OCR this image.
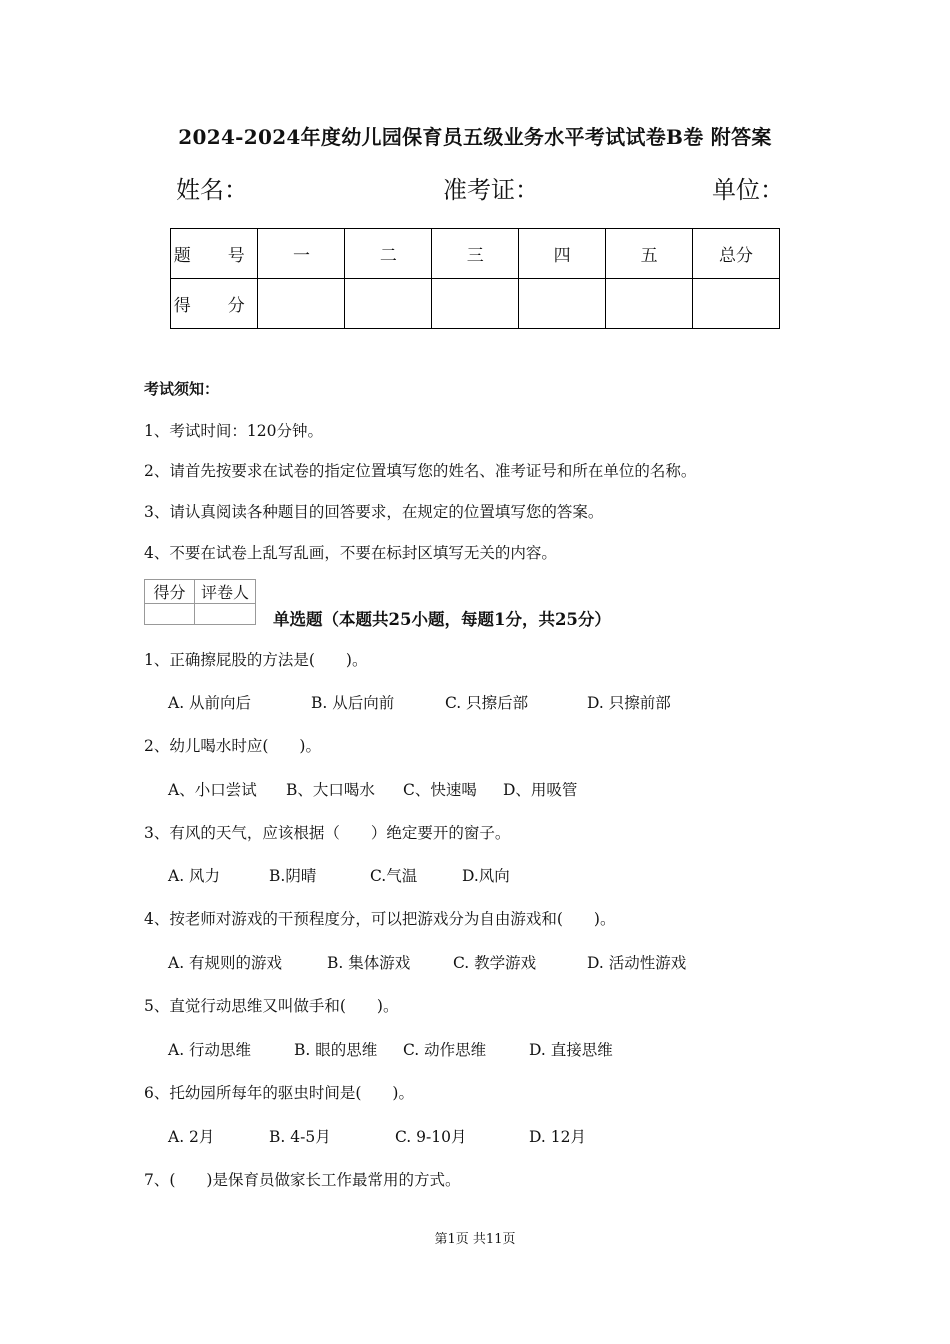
2024-2024年度幼儿园保育员五级业务水平考试试卷B卷 附答案
姓名：	准考证：	单位：
题　号	一	二	三	四	五	总分
得　分						
考试须知：
1、考试时间：120分钟。
2、请首先按要求在试卷的指定位置填写您的姓名、准考证号和所在单位的名称。
3、请认真阅读各种题目的回答要求，在规定的位置填写您的答案。
4、不要在试卷上乱写乱画，不要在标封区填写无关的内容。
得分	评卷人

单选题（本题共25小题，每题1分，共25分）
1、正确擦屁股的方法是(　　)。
A. 从前向后	B. 从后向前	C. 只擦后部	D. 只擦前部
2、幼儿喝水时应(　　)。
A、小口尝试 B、大口喝水 C、快速喝 D、用吸管
3、有风的天气，应该根据（　　）绝定要开的窗子。
A. 风力	B.阴晴	C.气温	D.风向
4、按老师对游戏的干预程度分，可以把游戏分为自由游戏和(　　)。
A. 有规则的游戏	B. 集体游戏	C. 教学游戏	D. 活动性游戏
5、直觉行动思维又叫做手和(　　)。
A. 行动思维	B. 眼的思维 C. 动作思维	D. 直接思维
6、托幼园所每年的驱虫时间是(　　)。
A. 2月	B. 4-5月	C. 9-10月	D. 12月
7、(　　)是保育员做家长工作最常用的方式。
第1页 共11页
